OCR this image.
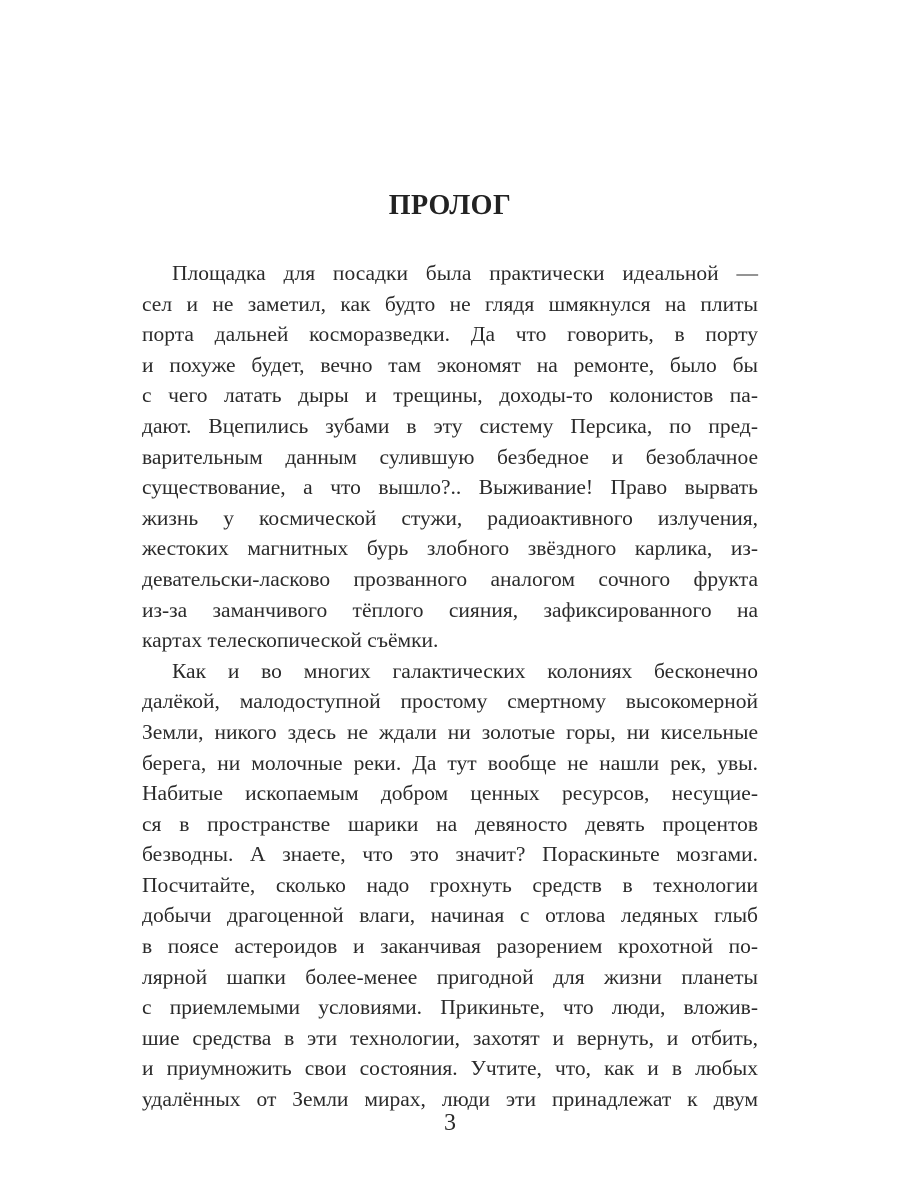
ПРОЛОГ
Площадка для посадки была практически идеальной —
сел и не заметил, как будто не глядя шмякнулся на плиты
порта дальней косморазведки. Да что говорить, в порту
и похуже будет, вечно там экономят на ремонте, было бы
с чего латать дыры и трещины, доходы-то колонистов па-
дают. Вцепились зубами в эту систему Персика, по пред-
варительным данным сулившую безбедное и безоблачное
существование, а что вышло?.. Выживание! Право вырвать
жизнь у космической стужи, радиоактивного излучения,
жестоких магнитных бурь злобного звёздного карлика, из-
девательски-ласково прозванного аналогом сочного фрукта
из-за заманчивого тёплого сияния, зафиксированного на
картах телескопической съёмки.
Как и во многих галактических колониях бесконечно
далёкой, малодоступной простому смертному высокомерной
Земли, никого здесь не ждали ни золотые горы, ни кисельные
берега, ни молочные реки. Да тут вообще не нашли рек, увы.
Набитые ископаемым добром ценных ресурсов, несущие-
ся в пространстве шарики на девяносто девять процентов
безводны. А знаете, что это значит? Пораскиньте мозгами.
Посчитайте, сколько надо грохнуть средств в технологии
добычи драгоценной влаги, начиная с отлова ледяных глыб
в поясе астероидов и заканчивая разорением крохотной по-
лярной шапки более-менее пригодной для жизни планеты
с приемлемыми условиями. Прикиньте, что люди, вложив-
шие средства в эти технологии, захотят и вернуть, и отбить,
и приумножить свои состояния. Учтите, что, как и в любых
удалённых от Земли мирах, люди эти принадлежат к двум
3
